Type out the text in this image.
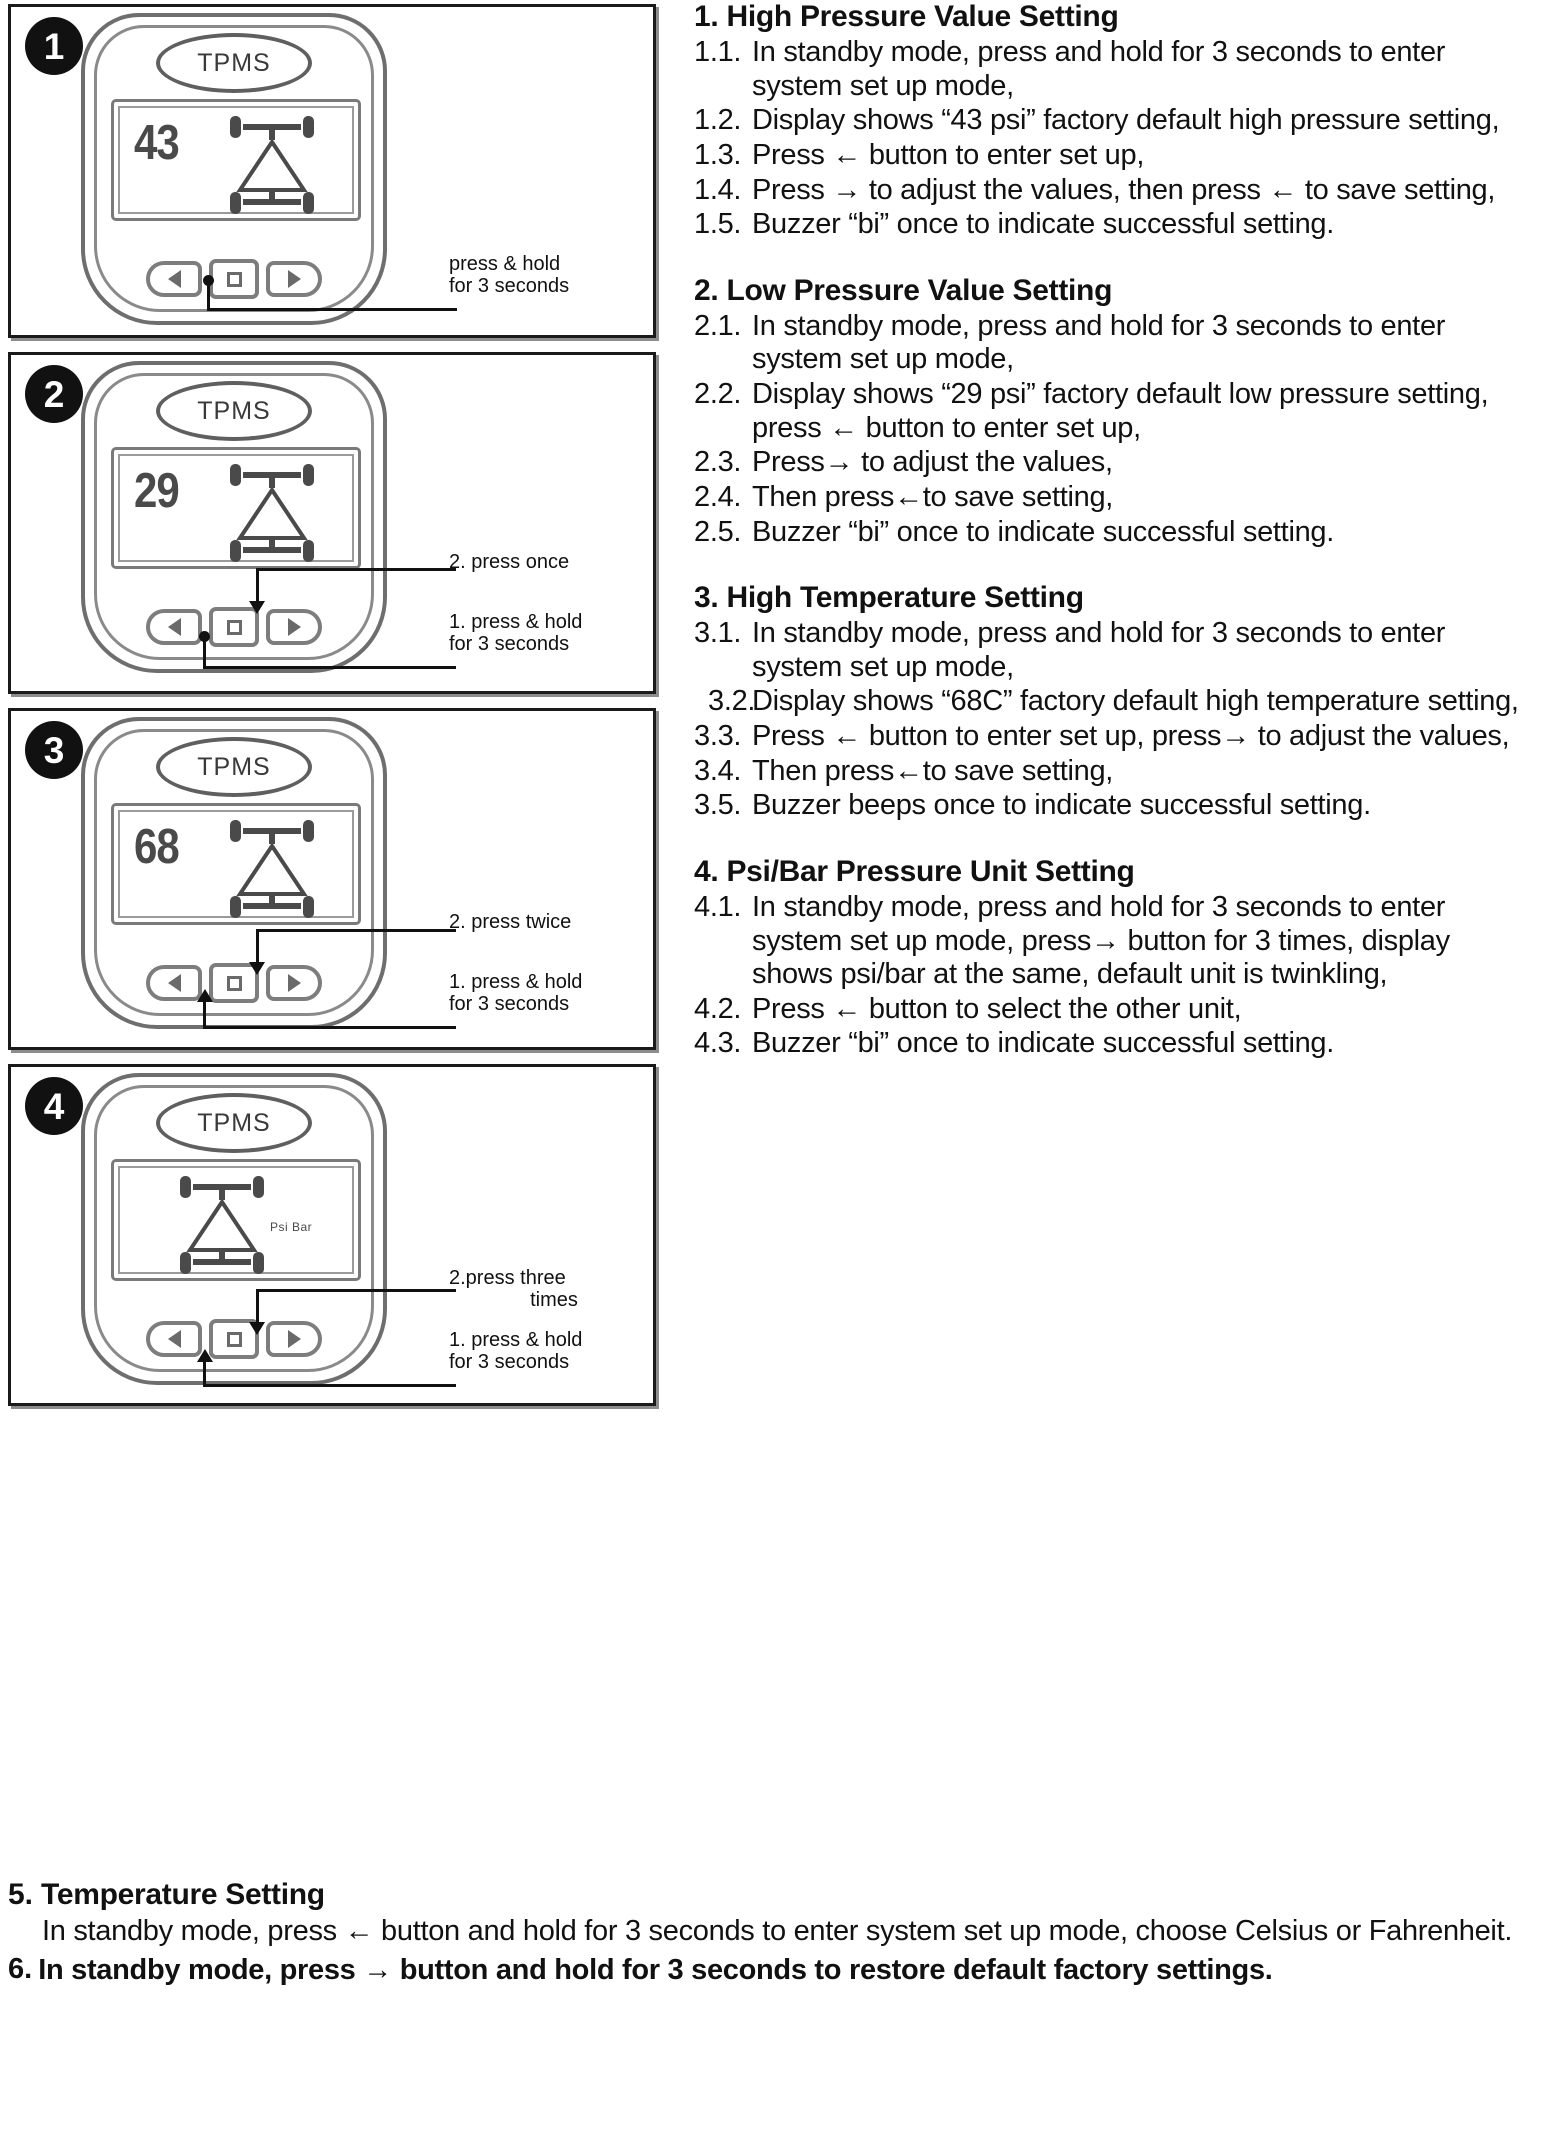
1	TPMS
43
press & hold
for 3 seconds
2	TPMS
29
2. press once
1. press & hold
for 3 seconds
3	TPMS
68
2. press twice
1. press & hold
for 3 seconds
4	TPMS
Psi Bar
2.press three
times
1. press & hold
for 3 seconds
1. High Pressure Value Setting
1.1. In standby mode, press and hold for 3 seconds to enter system set up mode,
1.2. Display shows “43 psi” factory default high pressure setting,
1.3. Press ← button to enter set up,
1.4. Press → to adjust the values, then press ← to save setting,
1.5. Buzzer “bi” once to indicate successful setting.
2. Low Pressure Value Setting
2.1. In standby mode, press and hold for 3 seconds to enter system set up mode,
2.2. Display shows “29 psi” factory default low pressure setting, press ← button to enter set up,
2.3. Press→ to adjust the values,
2.4. Then press←to save setting,
2.5. Buzzer “bi” once to indicate successful setting.
3. High Temperature Setting
3.1. In standby mode, press and hold for 3 seconds to enter system set up mode,
3.2.
Display shows “68C” factory default high temperature setting,
3.3. Press ← button to enter set up, press→ to adjust the values,
3.4. Then press←to save setting,
3.5. Buzzer beeps once to indicate successful setting.
4. Psi/Bar Pressure Unit Setting
4.1. In standby mode, press and hold for 3 seconds to enter system set up mode, press→ button for 3 times, display shows psi/bar at the same, default unit is twinkling,
4.2. Press ← button to select the other unit,
4.3. Buzzer “bi” once to indicate successful setting.
5. Temperature Setting
In standby mode, press ← button and hold for 3 seconds to enter system set up mode, choose Celsius or Fahrenheit.
6. In standby mode, press → button and hold for 3 seconds to restore default factory settings.
